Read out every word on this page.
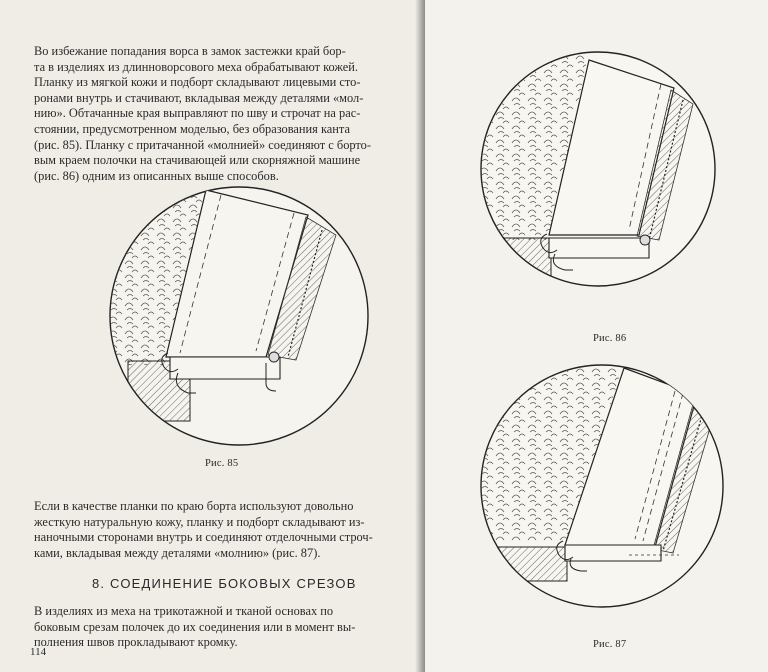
Во избежание попадания ворса в замок застежки край бор-
та в изделиях из длинноворсового меха обрабатывают кожей.
Планку из мягкой кожи и подборт складывают лицевыми сто-
ронами внутрь и стачивают, вкладывая между деталями «мол-
нию». Обтачанные края выправляют по шву и строчат на рас-
стоянии, предусмотренном моделью, без образования канта
(рис. 85). Планку с притачанной «молнией» соединяют с борто-
вым краем полочки на стачивающей или скорняжной машине
(рис. 86) одним из описанных выше способов.

Рис. 85

Если в качестве планки по краю борта используют довольно
жесткую натуральную кожу, планку и подборт складывают из-
наночными сторонами внутрь и соединяют отделочными строч-
ками, вкладывая между деталями «молнию» (рис. 87).

8. СОЕДИНЕНИЕ БОКОВЫХ СРЕЗОВ

В изделиях из меха на трикотажной и тканой основах по
боковым срезам полочек до их соединения или в момент вы-
полнения швов прокладывают кромку.

114

Рис. 86

Рис. 87
